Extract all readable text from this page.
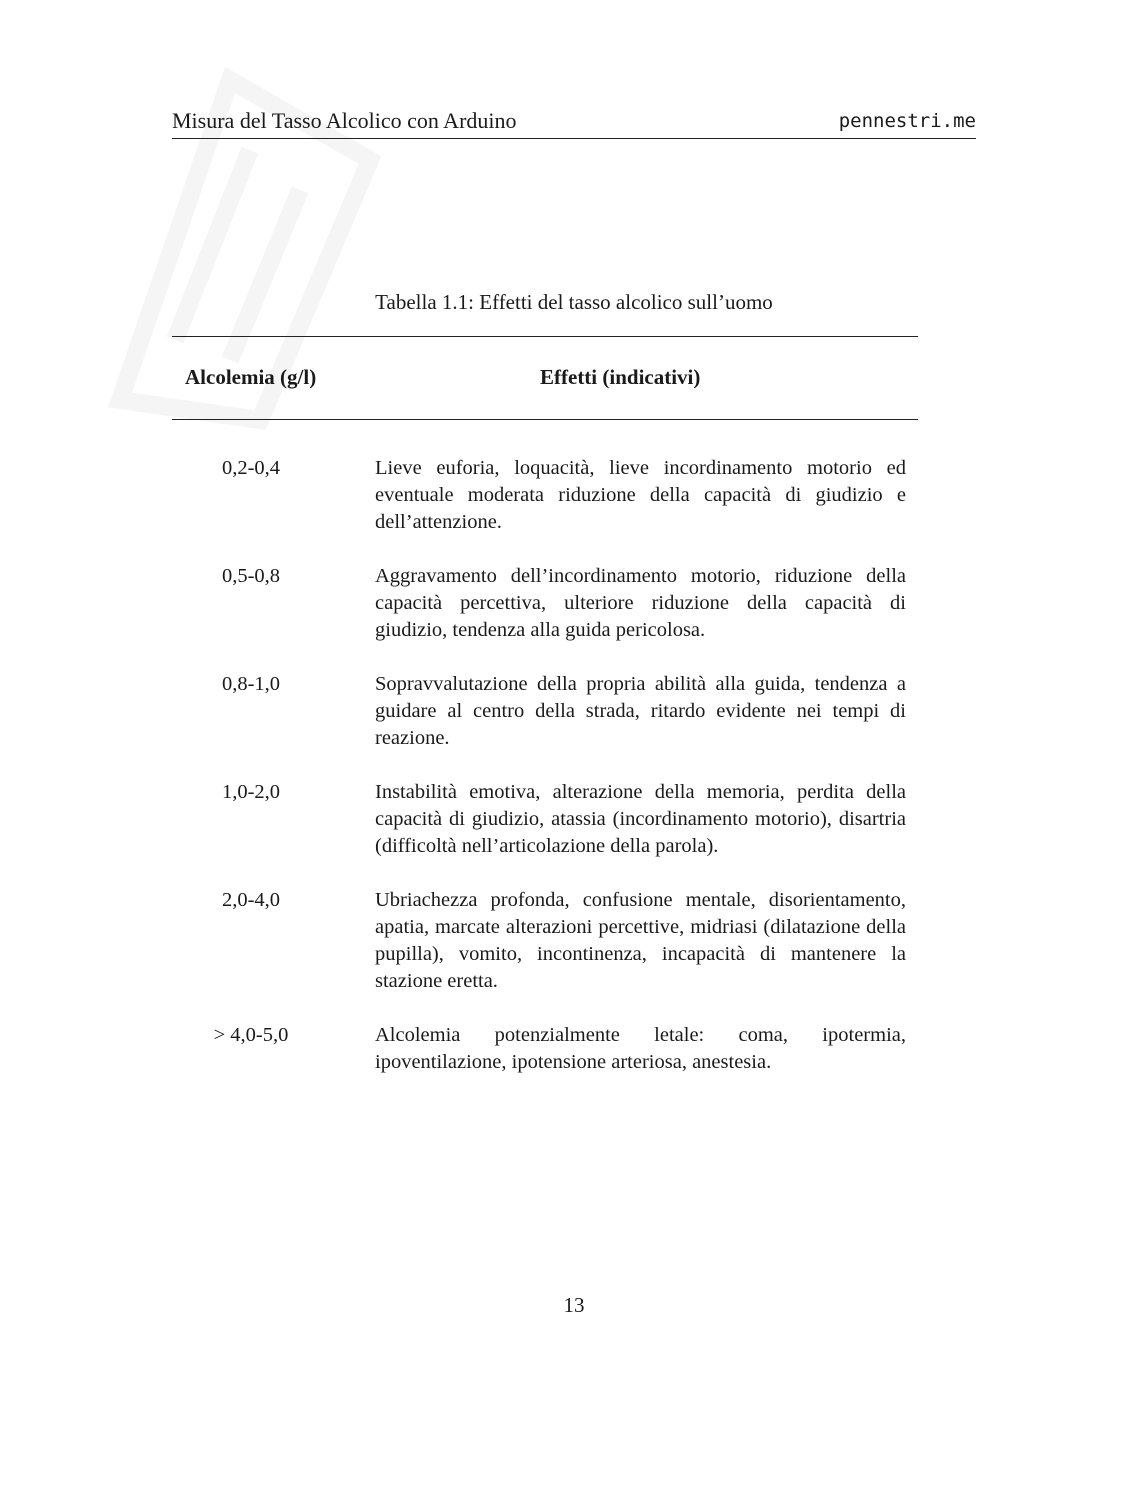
Misura del Tasso Alcolico con Arduino	pennestri.me
Tabella 1.1: Effetti del tasso alcolico sull’uomo
Alcolemia (g/l)	Effetti (indicativi)
0,2-0,4	Lieve euforia, loquacità, lieve incordinamento motorio ed eventuale moderata riduzione della capacità di giudizio e dell’attenzione.
0,5-0,8	Aggravamento dell’incordinamento motorio, riduzione della capacità percettiva, ulteriore riduzione della capacità di giudizio, tendenza alla guida pericolosa.
0,8-1,0	Sopravvalutazione della propria abilità alla guida, tendenza a guidare al centro della strada, ritardo evidente nei tempi di reazione.
1,0-2,0	Instabilità emotiva, alterazione della memoria, perdita della capacità di giudizio, atassia (incordinamento motorio), disartria (difficoltà nell’articolazione della parola).
2,0-4,0	Ubriachezza profonda, confusione mentale, disorientamento, apatia, marcate alterazioni percettive, midriasi (dilatazione della pupilla), vomito, incontinenza, incapacità di mantenere la stazione eretta.
> 4,0-5,0	Alcolemia potenzialmente letale: coma, ipotermia, ipoventilazione, ipotensione arteriosa, anestesia.
13
